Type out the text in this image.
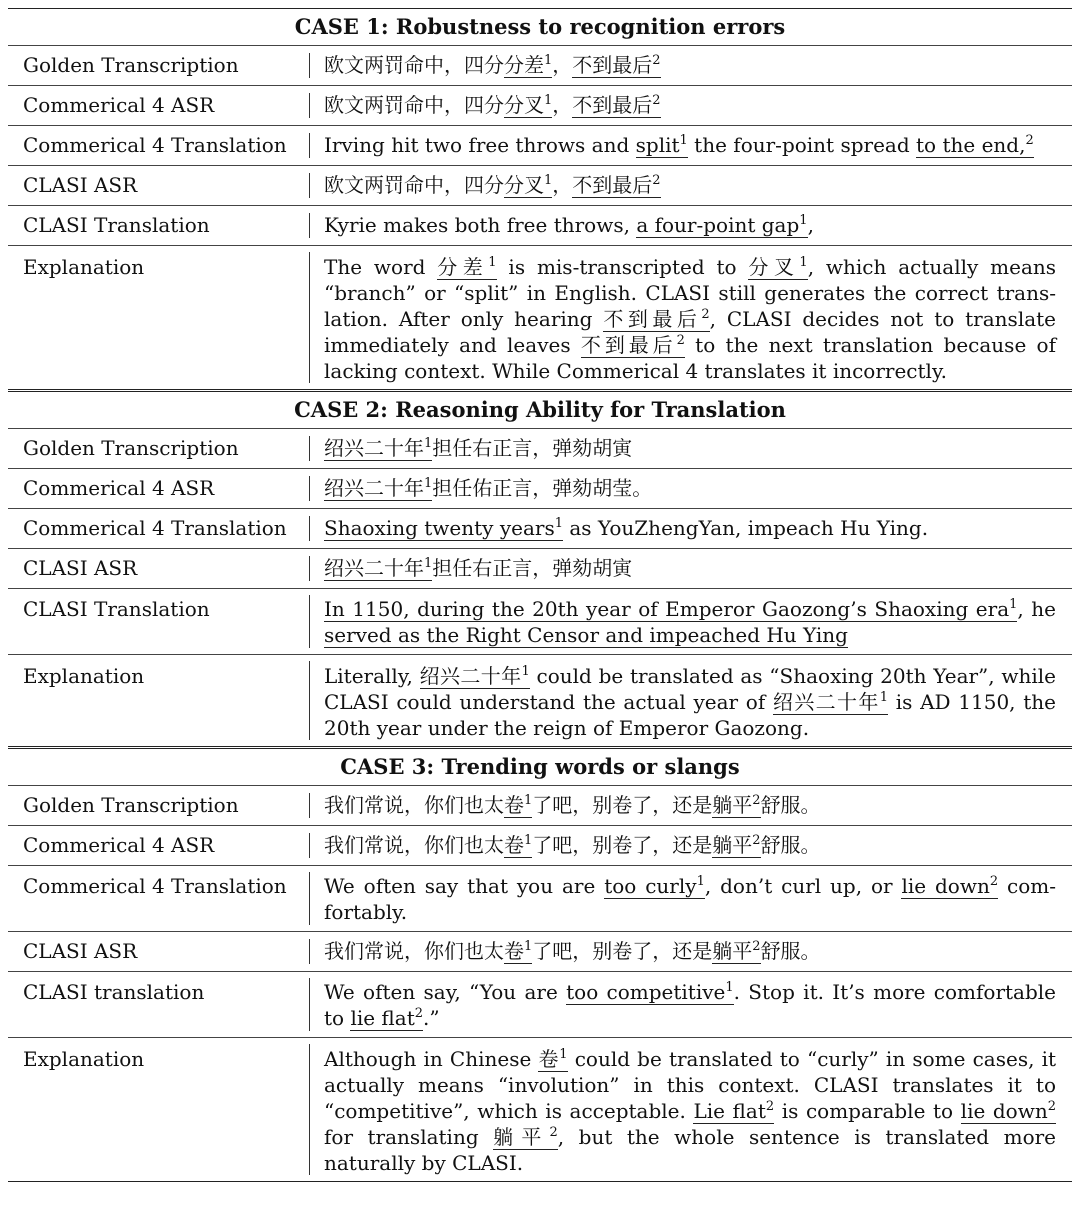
CASE 1: Robustness to recognition errors
Golden Transcription	欧文两罚命中，四分分差$^1$，不到最后$^2$
Commerical 4 ASR	欧文两罚命中，四分分叉$^1$，不到最后$^2$
Commerical 4 Translation	Irving hit two free throws and split$^1$ the four-point spread to the end,$^2$
CLASI ASR	欧文两罚命中，四分分叉$^1$，不到最后$^2$
CLASI Translation	Kyrie makes both free throws, a four-point gap$^1$,
Explanation	The word 分差$^1$ is mis-transcripted to 分叉$^1$, which actually means “branch” or “split” in English. CLASI still generates the correct translation. After only hearing 不到最后$^2$, CLASI decides not to translate immediately and leaves 不到最后$^2$ to the next translation because of lacking context. While Commerical 4 translates it incorrectly.
CASE 2: Reasoning Ability for Translation
Golden Transcription	绍兴二十年$^1$担任右正言，弹劾胡寅
Commerical 4 ASR	绍兴二十年$^1$担任佑正言，弹劾胡莹。
Commerical 4 Translation	Shaoxing twenty years$^1$ as YouZhengYan, impeach Hu Ying.
CLASI ASR	绍兴二十年$^1$担任右正言，弹劾胡寅
CLASI Translation	In 1150, during the 20th year of Emperor Gaozong’s Shaoxing era$^1$, he served as the Right Censor and impeached Hu Ying
Explanation	Literally, 绍兴二十年$^1$ could be translated as “Shaoxing 20th Year”, while CLASI could understand the actual year of 绍兴二十年$^1$ is AD 1150, the 20th year under the reign of Emperor Gaozong.
CASE 3: Trending words or slangs
Golden Transcription	我们常说，你们也太卷$^1$了吧，别卷了，还是躺平$^2$舒服。
Commerical 4 ASR	我们常说，你们也太卷$^1$了吧，别卷了，还是躺平$^2$舒服。
Commerical 4 Translation	We often say that you are too curly$^1$, don’t curl up, or lie down$^2$ comfortably.
CLASI ASR	我们常说，你们也太卷$^1$了吧，别卷了，还是躺平$^2$舒服。
CLASI translation	We often say, “You are too competitive$^1$. Stop it. It’s more comfortable to lie flat$^2$.”
Explanation	Although in Chinese 卷$^1$ could be translated to “curly” in some cases, it actually means “involution” in this context. CLASI translates it to “competitive”, which is acceptable. Lie flat$^2$ is comparable to lie down$^2$ for translating 躺平$^2$, but the whole sentence is translated more naturally by CLASI.
